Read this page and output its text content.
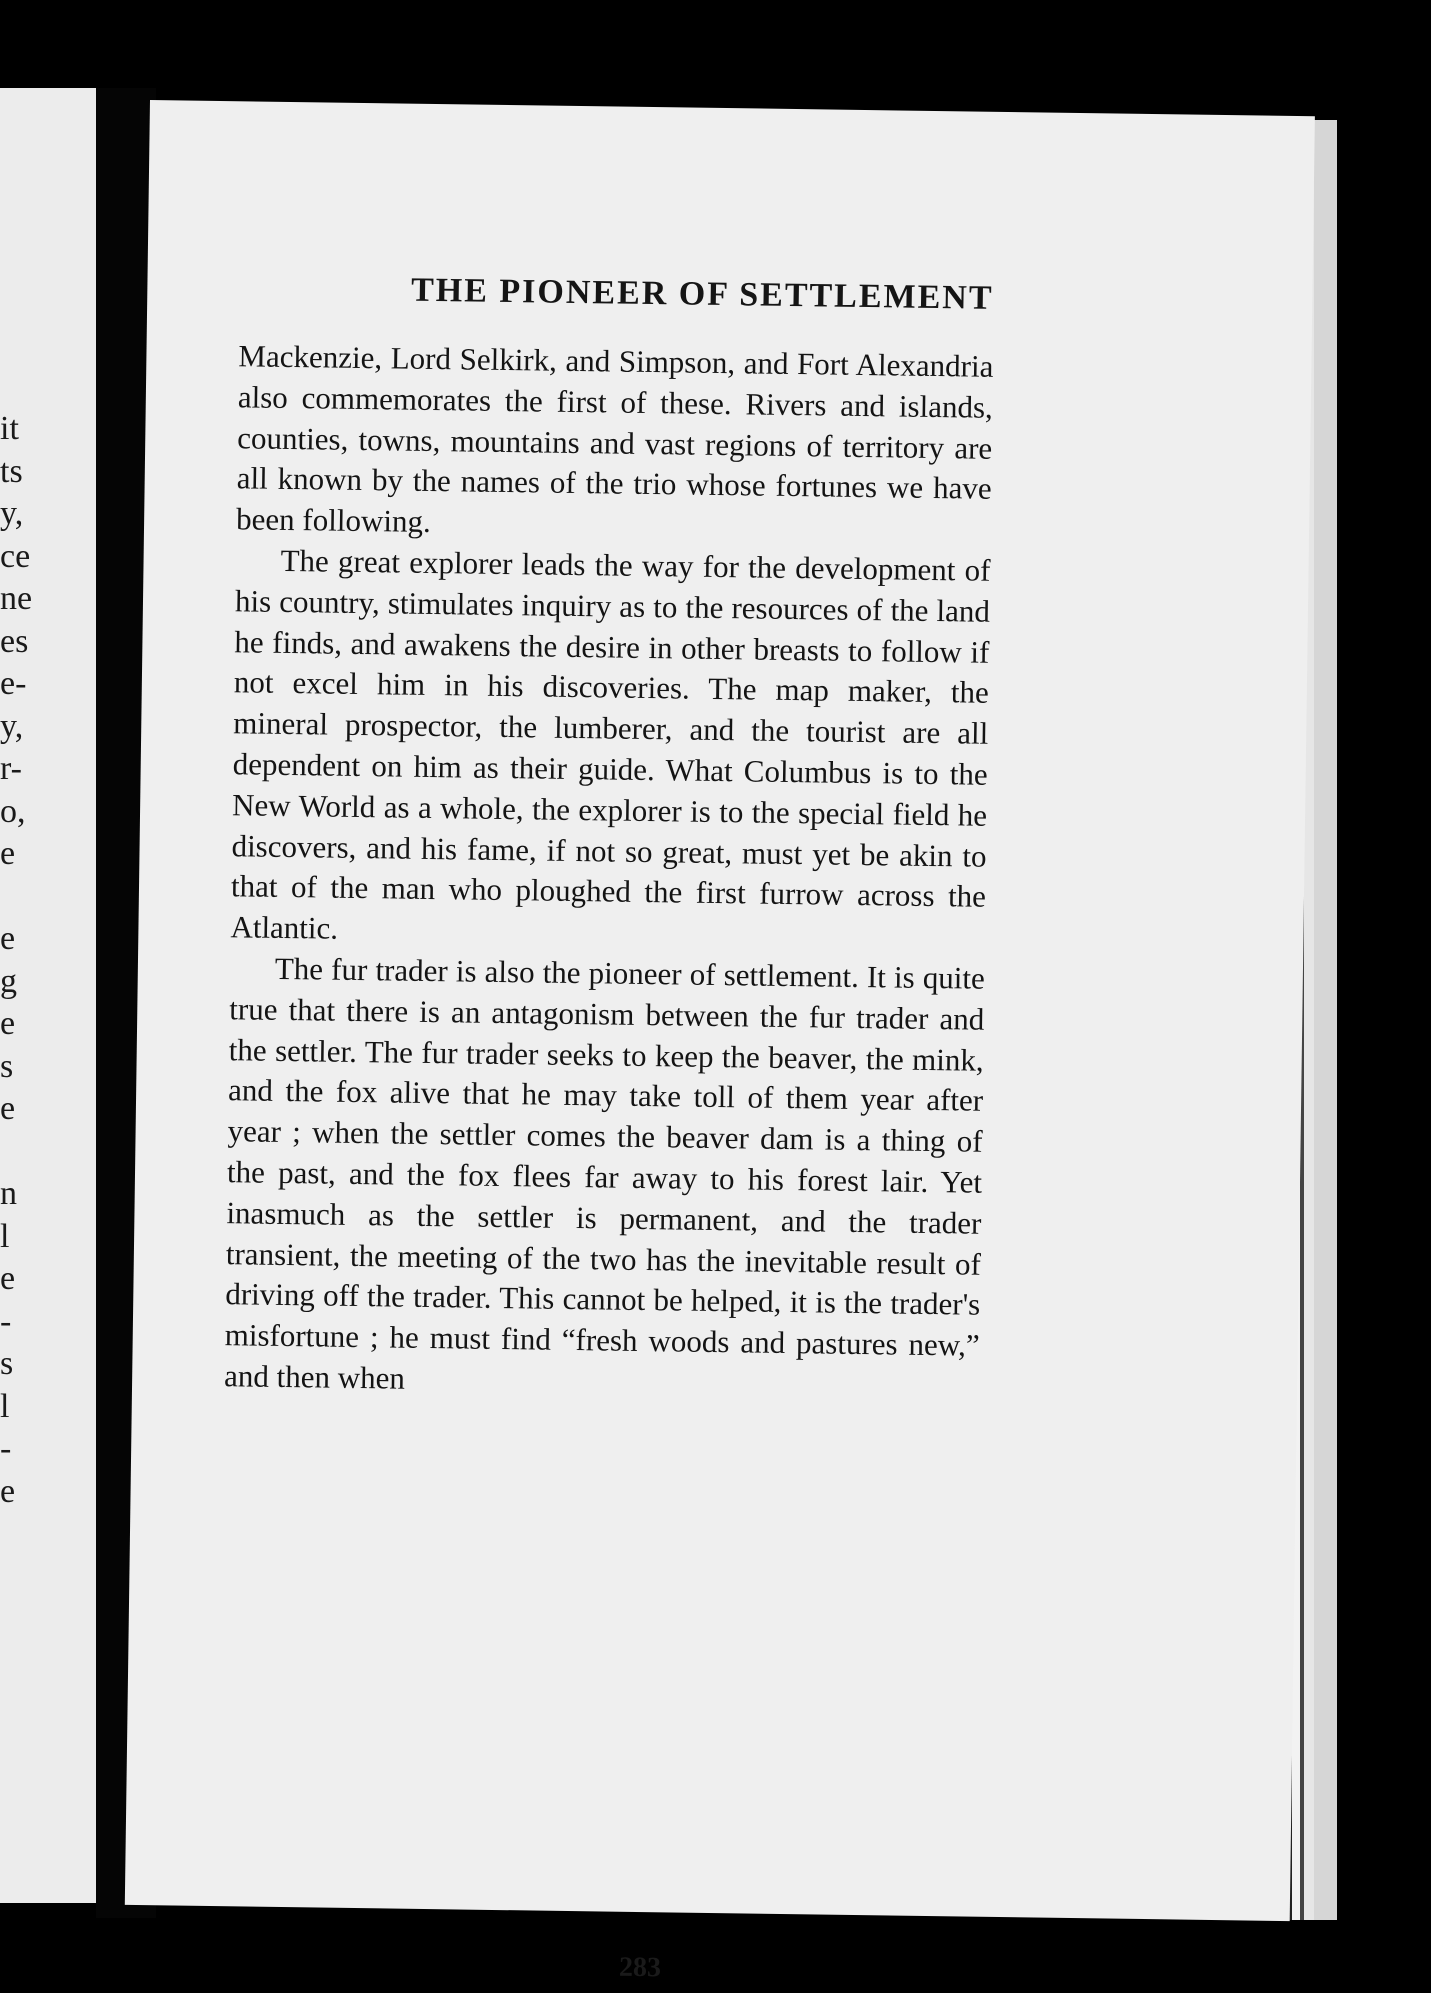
it
ts
y,
ce
ne
es
e-
y,
r-
o,
e
e
g
e
s
e
n
l
e
-
s
l
-
e
THE PIONEER OF SETTLEMENT

Mackenzie, Lord Selkirk, and Simpson, and Fort Alexandria also commemorates the first of these. Rivers and islands, counties, towns, mountains and vast regions of territory are all known by the names of the trio whose fortunes we have been following.

The great explorer leads the way for the development of his country, stimulates inquiry as to the resources of the land he finds, and awakens the desire in other breasts to follow if not excel him in his discoveries. The map maker, the mineral prospector, the lumberer, and the tourist are all dependent on him as their guide. What Columbus is to the New World as a whole, the explorer is to the special field he discovers, and his fame, if not so great, must yet be akin to that of the man who ploughed the first furrow across the Atlantic.

The fur trader is also the pioneer of settlement. It is quite true that there is an antagonism between the fur trader and the settler. The fur trader seeks to keep the beaver, the mink, and the fox alive that he may take toll of them year after year ; when the settler comes the beaver dam is a thing of the past, and the fox flees far away to his forest lair. Yet inasmuch as the settler is permanent, and the trader transient, the meeting of the two has the inevitable result of driving off the trader. This cannot be helped, it is the trader's misfortune ; he must find “fresh woods and pastures new,” and then when

283
